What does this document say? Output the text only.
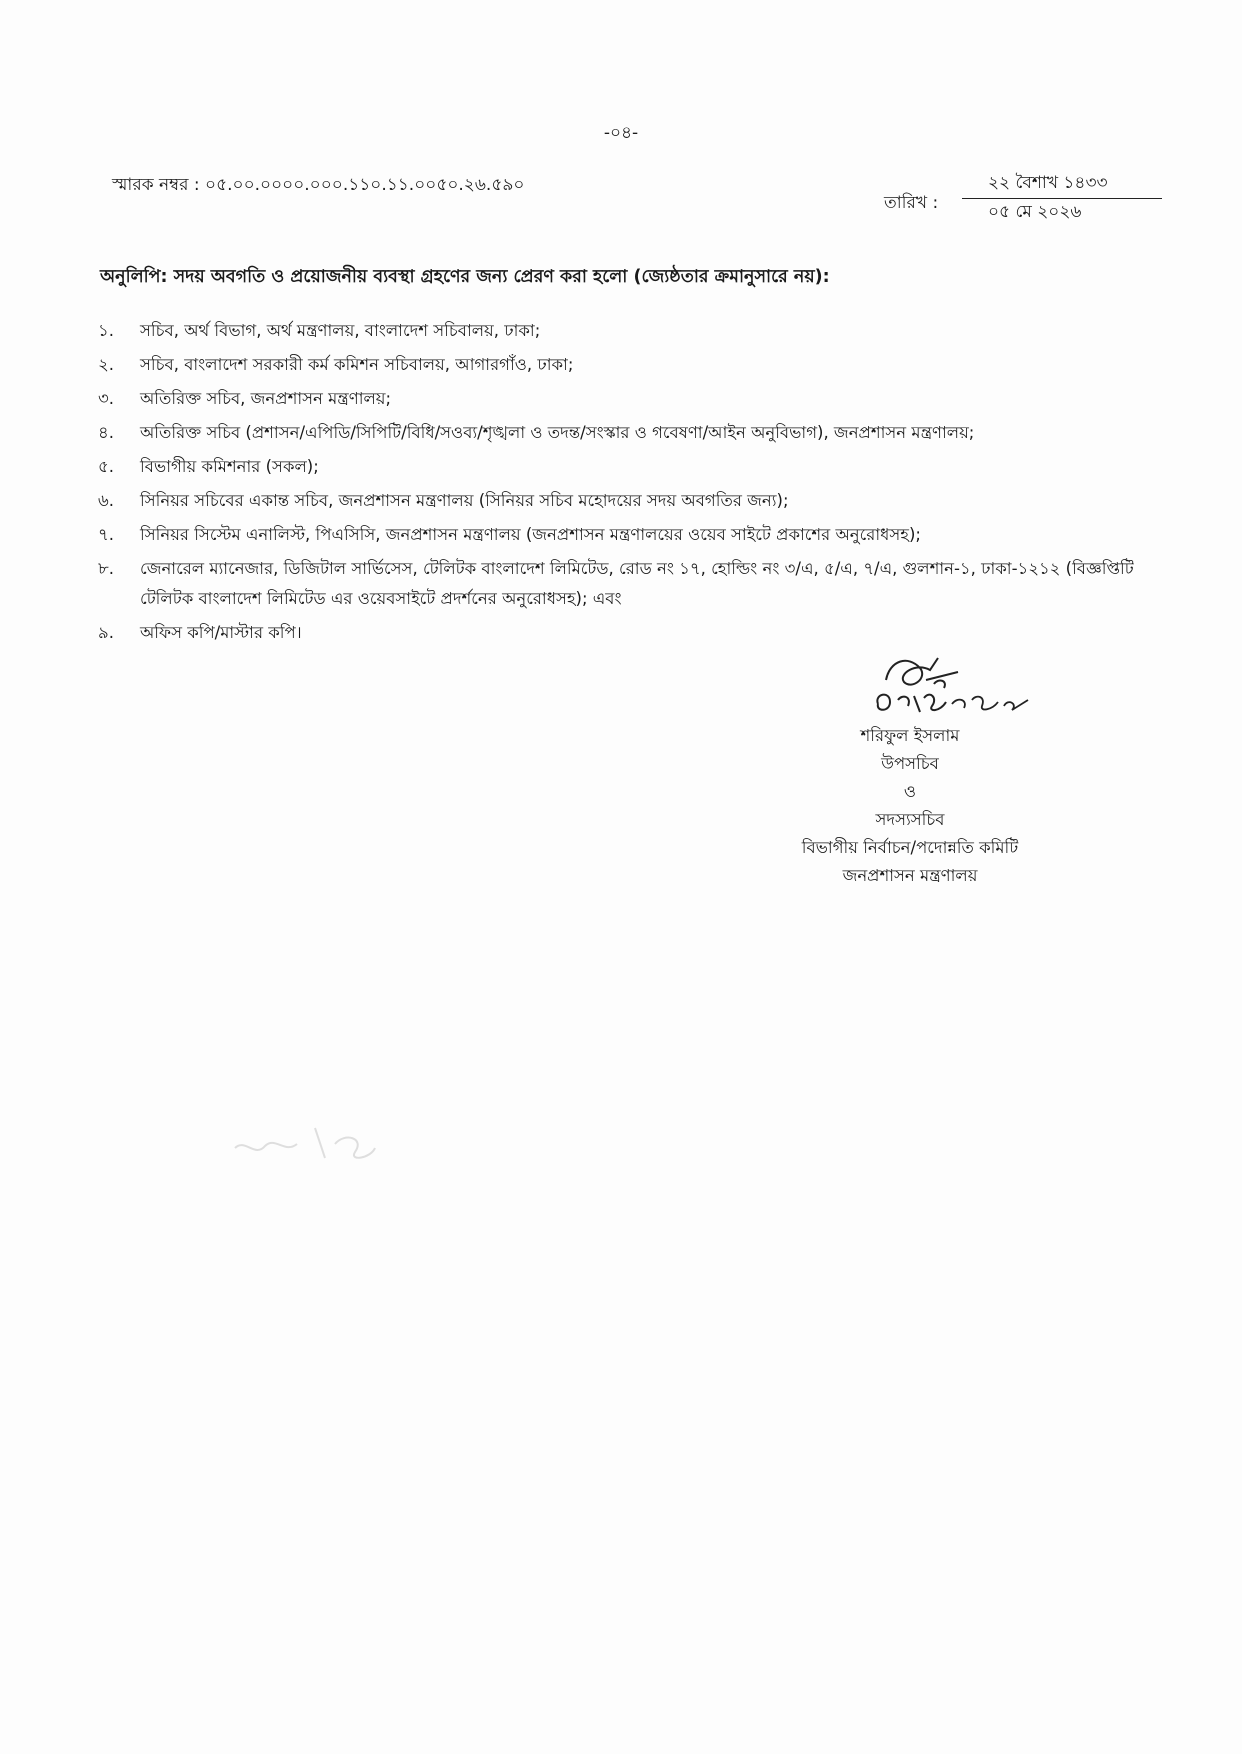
-০৪-
স্মারক নম্বর : ০৫.০০.০০০০.০০০.১১০.১১.০০৫০.২৬.৫৯০
তারিখ :
২২ বৈশাখ ১৪৩৩
০৫ মে ২০২৬
অনুলিপি: সদয় অবগতি ও প্রয়োজনীয় ব্যবস্থা গ্রহণের জন্য প্রেরণ করা হলো (জ্যেষ্ঠতার ক্রমানুসারে নয়):
১.	সচিব, অর্থ বিভাগ, অর্থ মন্ত্রণালয়, বাংলাদেশ সচিবালয়, ঢাকা;
২.	সচিব, বাংলাদেশ সরকারী কর্ম কমিশন সচিবালয়, আগারগাঁও, ঢাকা;
৩.	অতিরিক্ত সচিব, জনপ্রশাসন মন্ত্রণালয়;
৪.	অতিরিক্ত সচিব (প্রশাসন/এপিডি/সিপিটি/বিধি/সওব্য/শৃঙ্খলা ও তদন্ত/সংস্কার ও গবেষণা/আইন অনুবিভাগ), জনপ্রশাসন মন্ত্রণালয়;
৫.	বিভাগীয় কমিশনার (সকল);
৬.	সিনিয়র সচিবের একান্ত সচিব, জনপ্রশাসন মন্ত্রণালয় (সিনিয়র সচিব মহোদয়ের সদয় অবগতির জন্য);
৭.	সিনিয়র সিস্টেম এনালিস্ট, পিএসিসি, জনপ্রশাসন মন্ত্রণালয় (জনপ্রশাসন মন্ত্রণালয়ের ওয়েব সাইটে প্রকাশের অনুরোধসহ);
৮.	জেনারেল ম্যানেজার, ডিজিটাল সার্ভিসেস, টেলিটক বাংলাদেশ লিমিটেড, রোড নং ১৭, হোল্ডিং নং ৩/এ, ৫/এ, ৭/এ, গুলশান-১, ঢাকা-১২১২ (বিজ্ঞপ্তিটি টেলিটক বাংলাদেশ লিমিটেড এর ওয়েবসাইটে প্রদর্শনের অনুরোধসহ); এবং
৯.	অফিস কপি/মাস্টার কপি।
শরিফুল ইসলাম
উপসচিব
ও
সদস্যসচিব
বিভাগীয় নির্বাচন/পদোন্নতি কমিটি
জনপ্রশাসন মন্ত্রণালয়
